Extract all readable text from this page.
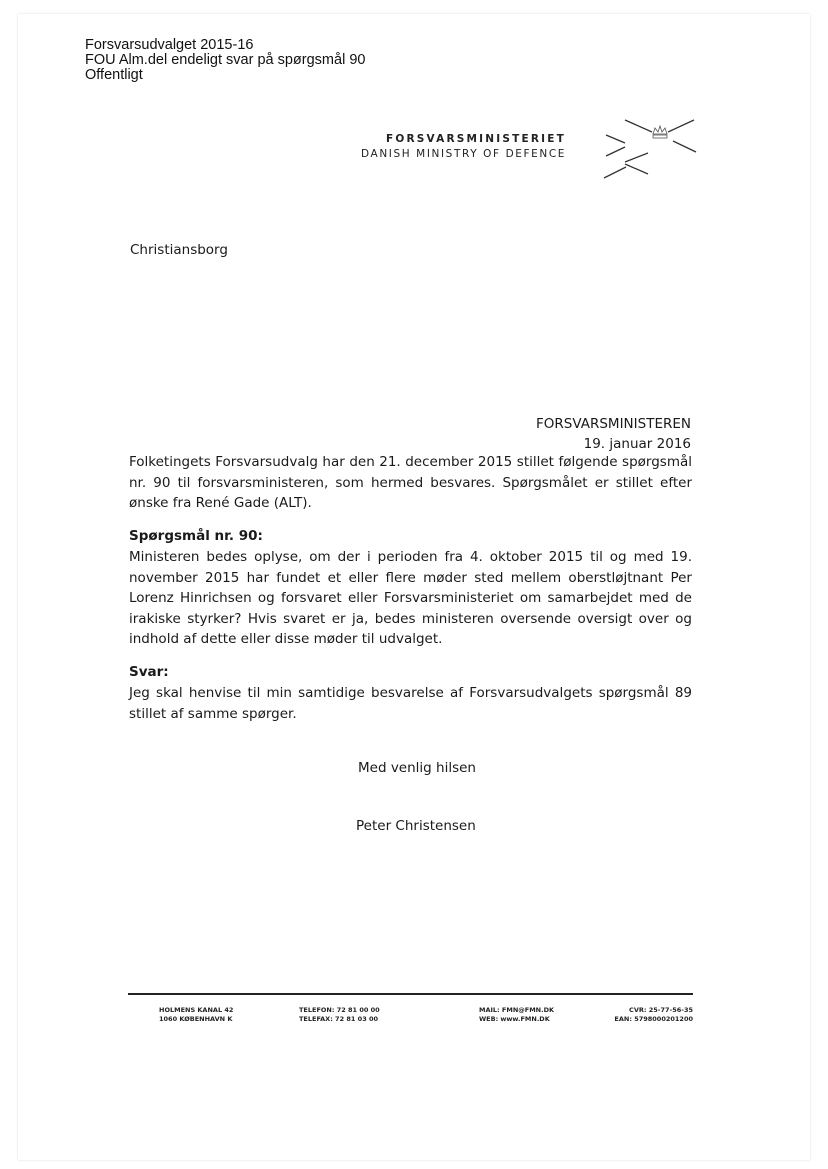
Forsvarsudvalget 2015-16
FOU Alm.del endeligt svar på spørgsmål 90
Offentligt
FORSVARSMINISTERIET
DANISH MINISTRY OF DEFENCE
Christiansborg
FORSVARSMINISTEREN
19. januar 2016
Folketingets Forsvarsudvalg har den 21. december 2015 stillet følgende spørgsmål nr. 90 til forsvarsministeren, som hermed besvares. Spørgsmålet er stillet efter ønske fra René Gade (ALT).
Spørgsmål nr. 90:
Ministeren bedes oplyse, om der i perioden fra 4. oktober 2015 til og med 19. november 2015 har fundet et eller flere møder sted mellem oberstløjtnant Per Lorenz Hinrichsen og forsvaret eller Forsvarsministeriet om samarbejdet med de irakiske styrker? Hvis svaret er ja, bedes ministeren oversende oversigt over og indhold af dette eller disse møder til udvalget.
Svar:
Jeg skal henvise til min samtidige besvarelse af Forsvarsudvalgets spørgsmål 89 stillet af samme spørger.
Med venlig hilsen
Peter Christensen
HOLMENS KANAL 42
1060 KØBENHAVN K
TELEFON: 72 81 00 00
TELEFAX: 72 81 03 00
MAIL: FMN@FMN.DK
WEB: www.FMN.DK
CVR: 25-77-56-35
EAN: 5798000201200
